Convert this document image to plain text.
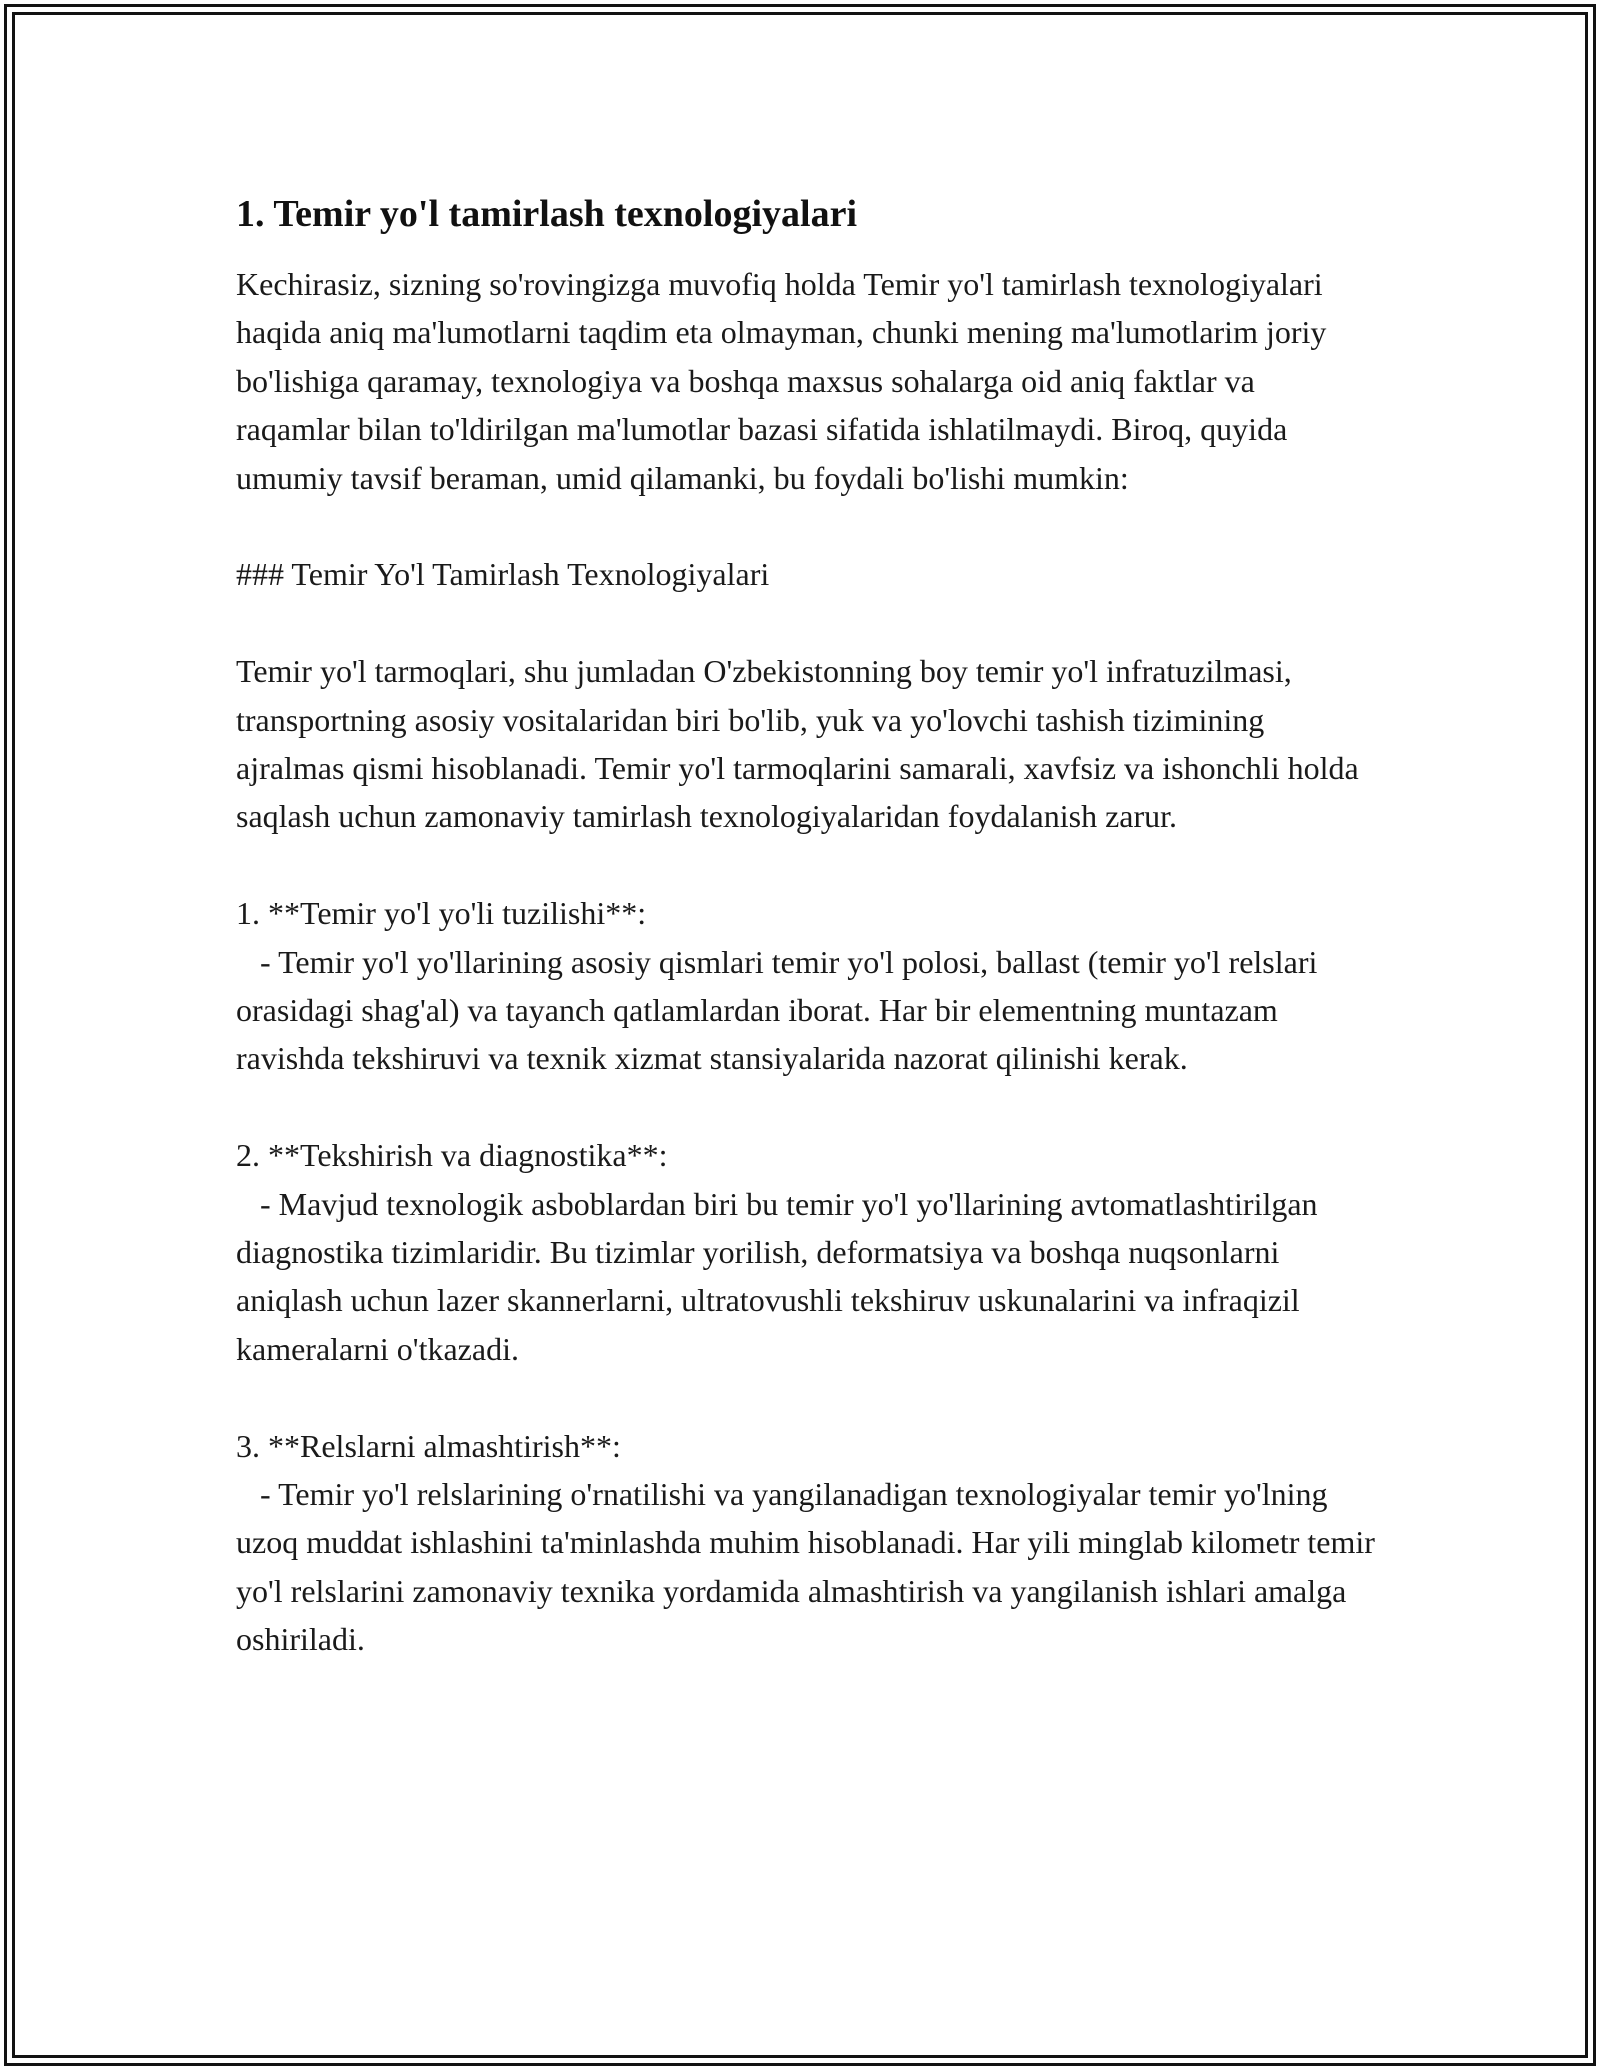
1. Temir yo'l tamirlash texnologiyalari

Kechirasiz, sizning so'rovingizga muvofiq holda Temir yo'l tamirlash texnologiyalari haqida aniq ma'lumotlarni taqdim eta olmayman, chunki mening ma'lumotlarim joriy bo'lishiga qaramay, texnologiya va boshqa maxsus sohalarga oid aniq faktlar va raqamlar bilan to'ldirilgan ma'lumotlar bazasi sifatida ishlatilmaydi. Biroq, quyida umumiy tavsif beraman, umid qilamanki, bu foydali bo'lishi mumkin:

### Temir Yo'l Tamirlash Texnologiyalari

Temir yo'l tarmoqlari, shu jumladan O'zbekistonning boy temir yo'l infratuzilmasi, transportning asosiy vositalaridan biri bo'lib, yuk va yo'lovchi tashish tizimining ajralmas qismi hisoblanadi. Temir yo'l tarmoqlarini samarali, xavfsiz va ishonchli holda saqlash uchun zamonaviy tamirlash texnologiyalaridan foydalanish zarur.

1. **Temir yo'l yo'li tuzilishi**:
- Temir yo'l yo'llarining asosiy qismlari temir yo'l polosi, ballast (temir yo'l relslari orasidagi shag'al) va tayanch qatlamlardan iborat. Har bir elementning muntazam ravishda tekshiruvi va texnik xizmat stansiyalarida nazorat qilinishi kerak.

2. **Tekshirish va diagnostika**:
- Mavjud texnologik asboblardan biri bu temir yo'l yo'llarining avtomatlashtirilgan diagnostika tizimlaridir. Bu tizimlar yorilish, deformatsiya va boshqa nuqsonlarni aniqlash uchun lazer skannerlarni, ultratovushli tekshiruv uskunalarini va infraqizil kameralarni o'tkazadi.

3. **Relslarni almashtirish**:
- Temir yo'l relslarining o'rnatilishi va yangilanadigan texnologiyalar temir yo'lning uzoq muddat ishlashini ta'minlashda muhim hisoblanadi. Har yili minglab kilometr temir yo'l relslarini zamonaviy texnika yordamida almashtirish va yangilanish ishlari amalga oshiriladi.
